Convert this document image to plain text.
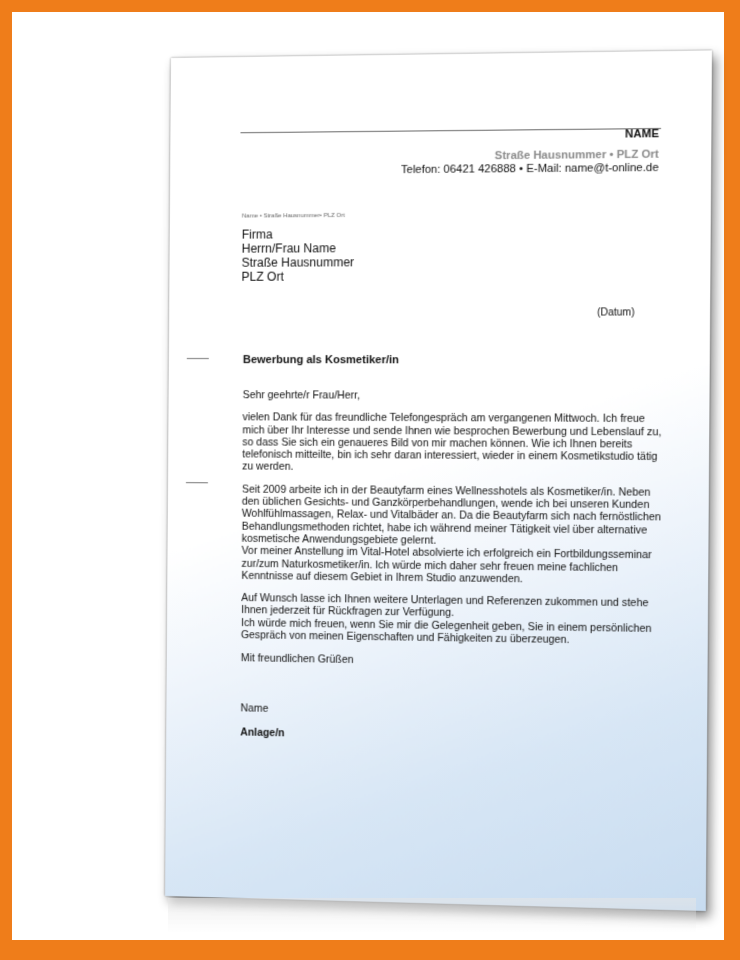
NAME
Straße Hausnummer • PLZ Ort
Telefon: 06421 426888 • E-Mail: name@t-online.de
Name • Straße Hausnummer• PLZ Ort
Firma
Herrn/Frau Name
Straße Hausnummer
PLZ Ort
(Datum)
Bewerbung als Kosmetiker/in

Sehr geehrte/r Frau/Herr,

vielen Dank für das freundliche Telefongespräch am vergangenen Mittwoch. Ich freue mich über Ihr Interesse und sende Ihnen wie besprochen Bewerbung und Lebenslauf zu, so dass Sie sich ein genaueres Bild von mir machen können. Wie ich Ihnen bereits telefonisch mitteilte, bin ich sehr daran interessiert, wieder in einem Kosmetikstudio tätig zu werden.

Seit 2009 arbeite ich in der Beautyfarm eines Wellnesshotels als Kosmetiker/in. Neben den üblichen Gesichts- und Ganzkörperbehandlungen, wende ich bei unseren Kunden Wohlfühlmassagen, Relax- und Vitalbäder an. Da die Beautyfarm sich nach fernöstlichen Behandlungsmethoden richtet, habe ich während meiner Tätigkeit viel über alternative kosmetische Anwendungsgebiete gelernt.

Vor meiner Anstellung im Vital-Hotel absolvierte ich erfolgreich ein Fortbildungsseminar zur/zum Naturkosmetiker/in. Ich würde mich daher sehr freuen meine fachlichen Kenntnisse auf diesem Gebiet in Ihrem Studio anzuwenden.

Auf Wunsch lasse ich Ihnen weitere Unterlagen und Referenzen zukommen und stehe Ihnen jederzeit für Rückfragen zur Verfügung.

Ich würde mich freuen, wenn Sie mir die Gelegenheit geben, Sie in einem persönlichen Gespräch von meinen Eigenschaften und Fähigkeiten zu überzeugen.

Mit freundlichen Grüßen
Name
Anlage/n
